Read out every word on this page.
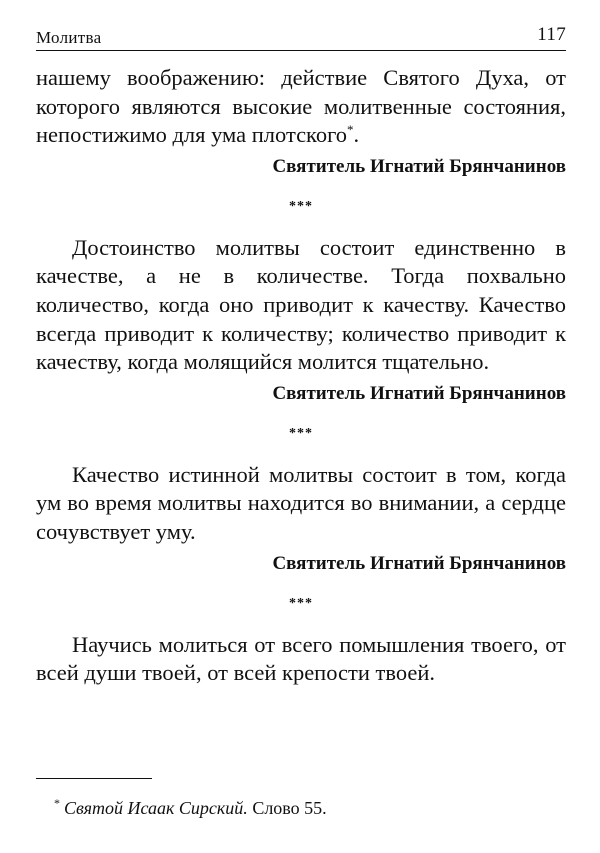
Молитва	117

нашему воображению: действие Святого Духа, от которого являются высокие молитвенные состояния, непостижимо для ума плотского*.

Святитель Игнатий Брянчанинов

***

Достоинство молитвы состоит единственно в качестве, а не в количестве. Тогда похвально количество, когда оно приводит к качеству. Качество всегда приводит к количеству; количество приводит к качеству, когда молящийся молится тщательно.

Святитель Игнатий Брянчанинов

***

Качество истинной молитвы состоит в том, когда ум во время молитвы находится во внимании, а сердце сочувствует уму.

Святитель Игнатий Брянчанинов

***

Научись молиться от всего помышления твоего, от всей души твоей, от всей крепости твоей.

* Святой Исаак Сирский. Слово 55.
